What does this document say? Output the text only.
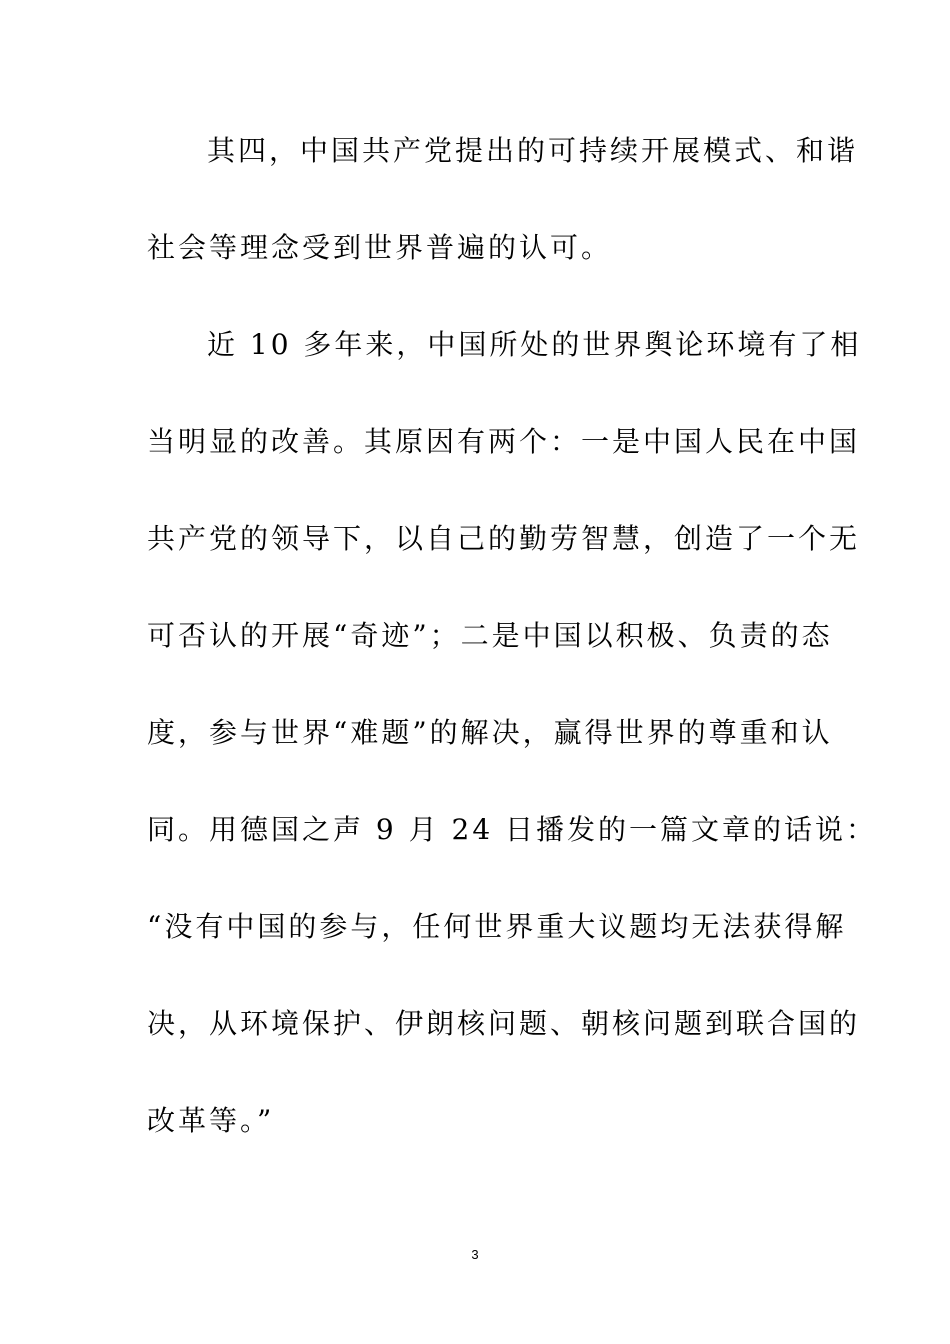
其四，中国共产党提出的可持续开展模式、和谐
社会等理念受到世界普遍的认可。
近 10 多年来，中国所处的世界舆论环境有了相
当明显的改善。其原因有两个：一是中国人民在中国
共产党的领导下，以自己的勤劳智慧，创造了一个无
可否认的开展“奇迹”；二是中国以积极、负责的态
度，参与世界“难题”的解决，赢得世界的尊重和认
同。用德国之声 9 月 24 日播发的一篇文章的话说：
“没有中国的参与，任何世界重大议题均无法获得解
决，从环境保护、伊朗核问题、朝核问题到联合国的
改革等。”
3
